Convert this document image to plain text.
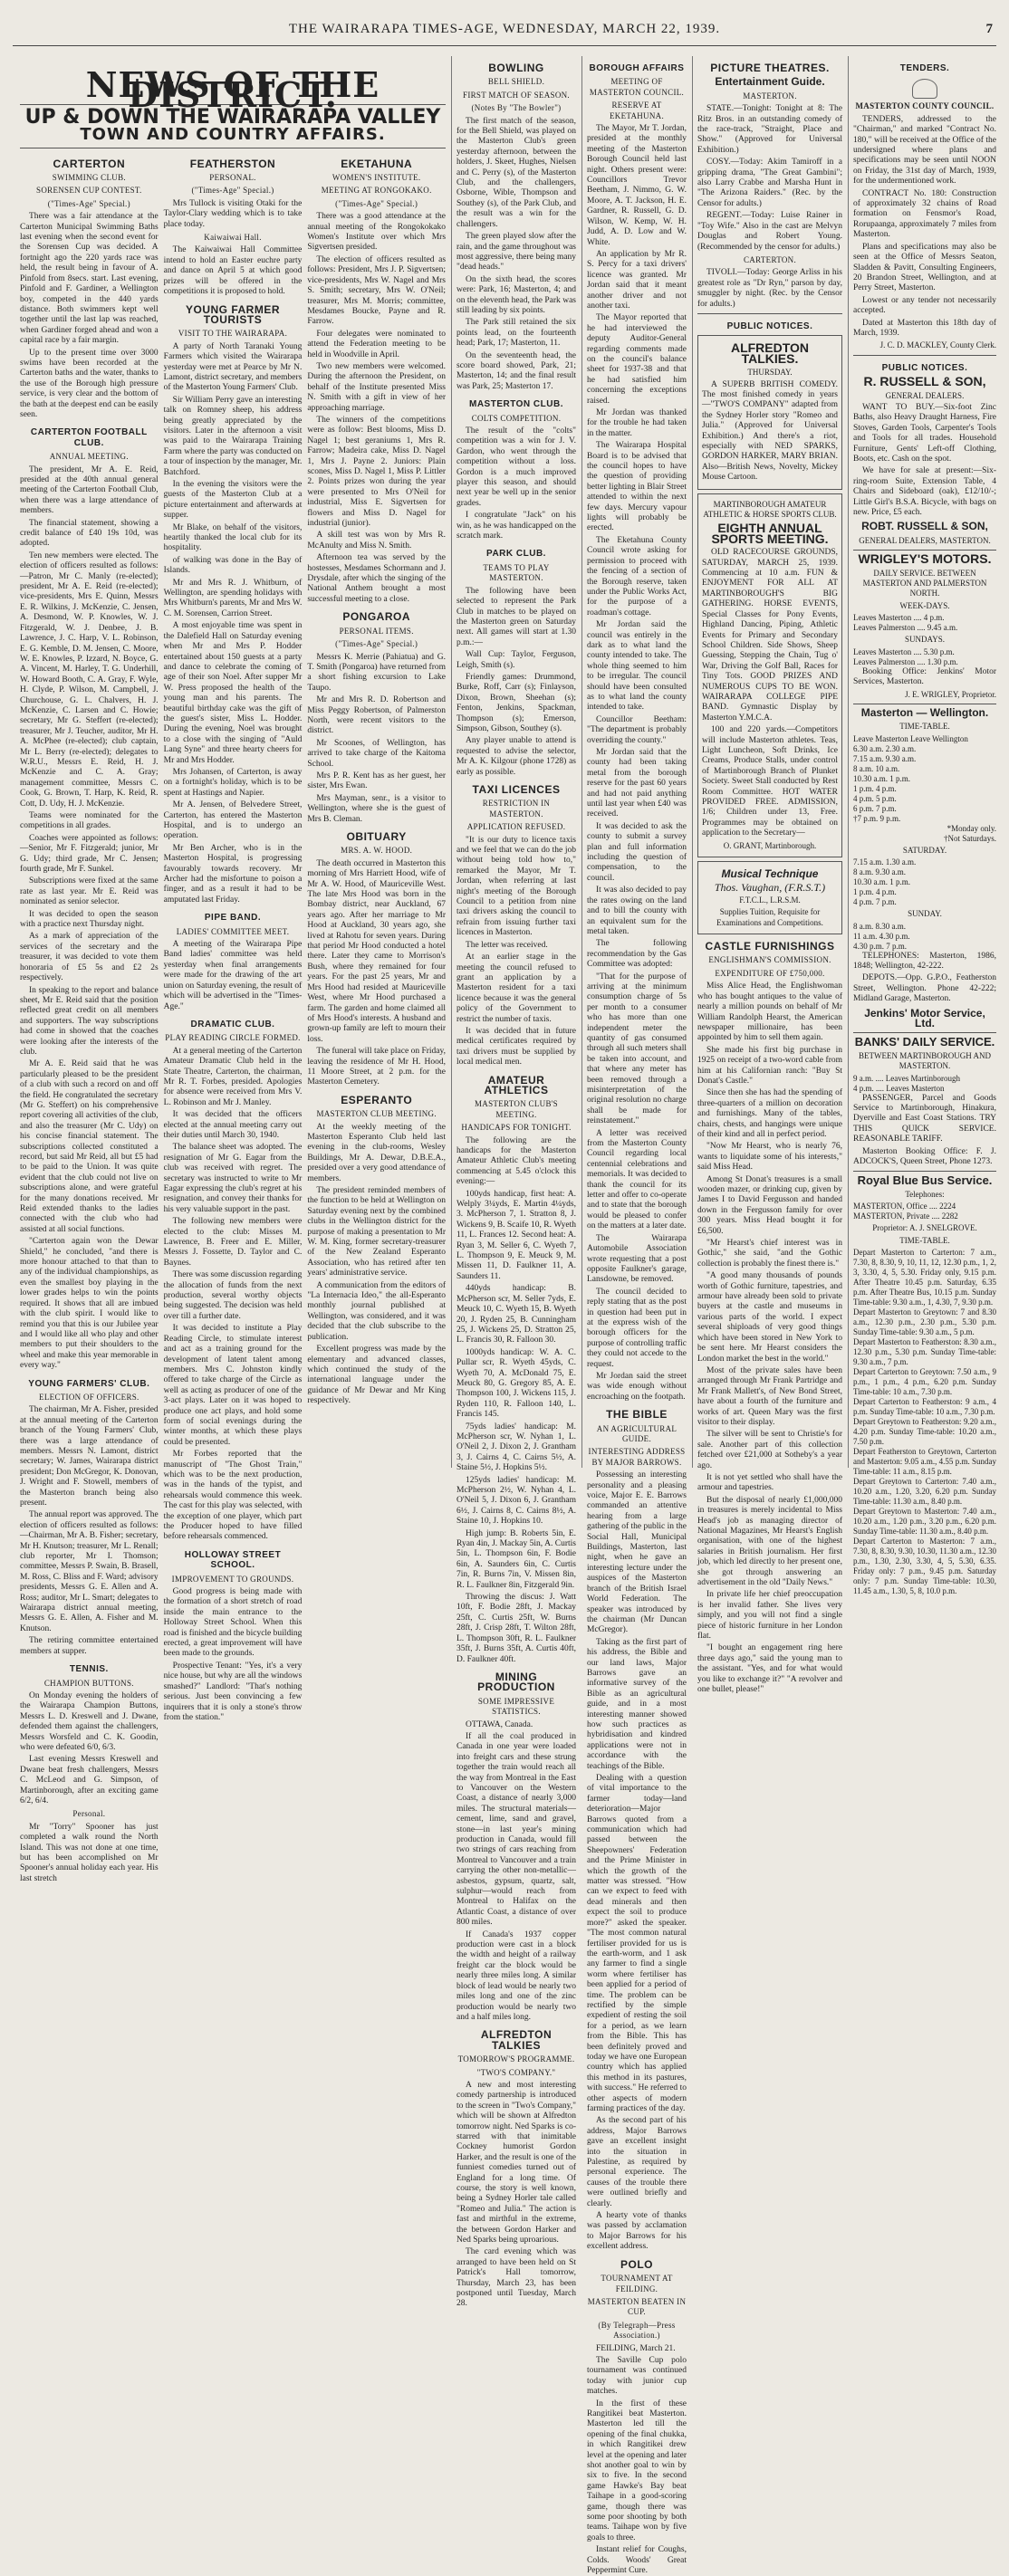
THE WAIRARAPA TIMES-AGE, WEDNESDAY, MARCH 22, 1939.	7
NEWS OF THE DISTRICT.
UP & DOWN THE WAIRARAPA VALLEY
TOWN AND COUNTRY AFFAIRS.
CARTERTON
SWIMMING CLUB.
SORENSEN CUP CONTEST.
("Times-Age" Special.)

There was a fair attendance at the Carterton Municipal Swimming Baths last evening when the second event for the Sorensen Cup was decided. A fortnight ago the 220 yards race was held, the result being in favour of A. Pinfold from 8secs. start. Last evening, Pinfold and F. Gardiner, a Wellington boy, competed in the 440 yards distance. Both swimmers kept well together until the last lap was reached, when Gardiner forged ahead and won a capital race by a fair margin.

Up to the present time over 3000 swims have been recorded at the Carterton baths and the water, thanks to the use of the Borough high pressure service, is very clear and the bottom of the bath at the deepest end can be easily seen.

CARTERTON FOOTBALL CLUB.
ANNUAL MEETING.

The president, Mr A. E. Reid, presided at the 40th annual general meeting of the Carterton Football Club, when there was a large attendance of members.

The financial statement, showing a credit balance of £40 19s 10d, was adopted.

Ten new members were elected. The election of officers resulted as follows:—Patron, Mr C. Manly (re-elected); president, Mr A. E. Reid (re-elected); vice-presidents, Mrs E. Quinn, Messrs E. R. Wilkins, J. McKenzie, C. Jensen, A. Desmond, W. P. Knowles, W. J. Fitzgerald, W. J. Denbee, J. B. Lawrence, J. C. Harp, V. L. Robinson, E. G. Kemble, D. M. Jensen, C. Moore, W. E. Knowles, P. Izzard, N. Boyce, G. A. Vincent, M. Harley, T. G. Underhill, W. Howard Booth, C. A. Gray, F. Wyle, H. Clyde, P. Wilson, M. Campbell, J. Churchouse, G. L. Chalvers, H. J. McKenzie, C. Larsen and C. Howie; secretary, Mr G. Steffert (re-elected); treasurer, Mr J. Teucher, auditor, Mr H. A. McPhee (re-elected); club captain, Mr L. Berry (re-elected); delegates to W.R.U., Messrs E. Reid, H. J. McKenzie and C. A. Gray; management committee, Messrs C. Cook, G. Brown, T. Harp, K. Reid, R. Cott, D. Udy, H. J. McKenzie.

Teams were nominated for the competitions in all grades.

Coaches were appointed as follows:—Senior, Mr F. Fitzgerald; junior, Mr G. Udy; third grade, Mr C. Jensen; fourth grade, Mr F. Sunkel.

Subscriptions were fixed at the same rate as last year. Mr E. Reid was nominated as senior selector.

It was decided to open the season with a practice next Thursday night.

As a mark of appreciation of the services of the secretary and the treasurer, it was decided to vote them honoraria of £5 5s and £2 2s respectively.

In speaking to the report and balance sheet, Mr E. Reid said that the position reflected great credit on all members and supporters. The way subscriptions had come in showed that the coaches were looking after the interests of the club.

Mr A. E. Reid said that he was particularly pleased to be the president of a club with such a record on and off the field. He congratulated the secretary (Mr G. Steffert) on his comprehensive report covering all activities of the club, and also the treasurer (Mr C. Udy) on his concise financial statement. The subscriptions collected constituted a record, but said Mr Reid, all but £5 had to be paid to the Union. It was quite evident that the club could not live on subscriptions alone, and were grateful for the many donations received. Mr Reid extended thanks to the ladies connected with the club who had assisted at all social functions.

"Carterton again won the Dewar Shield," he concluded, "and there is more honour attached to that than to any of the individual championships, as even the smallest boy playing in the lower grades helps to win the points required. It shows that all are imbued with the club spirit. I would like to remind you that this is our Jubilee year and I would like all who play and other members to put their shoulders to the wheel and make this year memorable in every way."

YOUNG FARMERS' CLUB.
ELECTION OF OFFICERS.

The chairman, Mr A. Fisher, presided at the annual meeting of the Carterton branch of the Young Farmers' Club, there was a large attendance of members. Messrs N. Lamont, district secretary; W. James, Wairarapa district president; Don McGregor, K. Donovan, J. Wright and F. Stowell, members of the Masterton branch being also present.

The annual report was approved. The election of officers resulted as follows:—Chairman, Mr A. B. Fisher; secretary, Mr H. Knutson; treasurer, Mr L. Renall; club reporter, Mr I. Thomson; committee, Messrs P. Swain, B. Brasell, M. Ross, C. Bliss and F. Ward; advisory presidents, Messrs G. E. Allen and A. Ross; auditor, Mr L. Smart; delegates to Wairarapa district annual meeting, Messrs G. E. Allen, A. Fisher and M. Knutson.

The retiring committee entertained members at supper.

TENNIS.
CHAMPION BUTTONS.

On Monday evening the holders of the Wairarapa Champion Buttons, Messrs L. D. Kreswell and J. Dwane, defended them against the challengers, Messrs Worsfeld and C. K. Goodin, who were defeated 6/0, 6/3.

Last evening Messrs Kreswell and Dwane beat fresh challengers, Messrs C. McLeod and G. Simpson, of Martinborough, after an exciting game 6/2, 6/4.

Personal.

Mr "Torry" Spooner has just completed a walk round the North Island. This was not done at one time, but has been accomplished on Mr Spooner's annual holiday each year. His last stretch

FEATHERSTON
PERSONAL.
("Times-Age" Special.)

Mrs Tullock is visiting Otaki for the Taylor-Clary wedding which is to take place today.

Kaiwaiwai Hall.

The Kaiwaiwai Hall Committee intend to hold an Easter euchre party and dance on April 5 at which good prizes will be offered in the competitions it is proposed to hold.

YOUNG FARMER TOURISTS
VISIT TO THE WAIRARAPA.

A party of North Taranaki Young Farmers which visited the Wairarapa yesterday were met at Pearce by Mr N. Lamont, district secretary, and members of the Masterton Young Farmers' Club.

Sir William Perry gave an interesting talk on Romney sheep, his address being greatly appreciated by the visitors. Later in the afternoon a visit was paid to the Wairarapa Training Farm where the party was conducted on a tour of inspection by the manager, Mr. Batchford.

In the evening the visitors were the guests of the Masterton Club at a picture entertainment and afterwards at supper.

Mr Blake, on behalf of the visitors, heartily thanked the local club for its hospitality.

of walking was done in the Bay of Islands.

Mr and Mrs R. J. Whitburn, of Wellington, are spending holidays with Mrs Whitburn's parents, Mr and Mrs W. C. M. Sorensen, Carrion Street.

A most enjoyable time was spent in the Dalefield Hall on Saturday evening when Mr and Mrs P. Hodder entertained about 150 guests at a party and dance to celebrate the coming of age of their son Noel. After supper Mr W. Press proposed the health of the young man and his parents. The beautiful birthday cake was the gift of the guest's sister, Miss L. Hodder. During the evening, Noel was brought to a close with the singing of "Auld Lang Syne" and three hearty cheers for Mr and Mrs Hodder.

Mrs Johansen, of Carterton, is away on a fortnight's holiday, which is to be spent at Hastings and Napier.

Mr A. Jensen, of Belvedere Street, Carterton, has entered the Masterton Hospital, and is to undergo an operation.

Mr Ben Archer, who is in the Masterton Hospital, is progressing favourably towards recovery. Mr Archer had the misfortune to poison a finger, and as a result it had to be amputated last Friday.

PIPE BAND.
LADIES' COMMITTEE MEET.

A meeting of the Wairarapa Pipe Band ladies' committee was held yesterday when final arrangements were made for the drawing of the art union on Saturday evening, the result of which will be advertised in the "Times-Age."

DRAMATIC CLUB.
PLAY READING CIRCLE FORMED.

At a general meeting of the Carterton Amateur Dramatic Club held in the State Theatre, Carterton, the chairman, Mr R. T. Forbes, presided. Apologies for absence were received from Mrs V. L. Robinson and Mr J. Manley.

It was decided that the officers elected at the annual meeting carry out their duties until March 30, 1940.

The balance sheet was adopted. The resignation of Mr G. Eagar from the club was received with regret. The secretary was instructed to write to Mr Eagar expressing the club's regret at his resignation, and convey their thanks for his very valuable support in the past.

The following new members were elected to the club: Misses M. Lawrence, B. Freer and E. Miller, Messrs J. Fossette, D. Taylor and C. Baynes.

There was some discussion regarding the allocation of funds from the next production, several worthy objects being suggested. The decision was held over till a further date.

It was decided to institute a Play Reading Circle, to stimulate interest and act as a training ground for the development of latent talent among members. Mrs C. Johnston kindly offered to take charge of the Circle as well as acting as producer of one of the 3-act plays. Later on it was hoped to produce one act plays, and hold some form of social evenings during the winter months, at which these plays could be presented.

Mr Forbes reported that the manuscript of "The Ghost Train," which was to be the next production, was in the hands of the typist, and rehearsals would commence this week. The cast for this play was selected, with the exception of one player, which part the Producer hoped to have filled before rehearsals commenced.

HOLLOWAY STREET SCHOOL.
IMPROVEMENT TO GROUNDS.

Good progress is being made with the formation of a short stretch of road inside the main entrance to the Holloway Street School. When this road is finished and the bicycle building erected, a great improvement will have been made to the grounds.

Prospective Tenant: "Yes, it's a very nice house, but why are all the windows smashed?" Landlord: "That's nothing serious. Just been convincing a few inquirers that it is only a stone's throw from the station."

EKETAHUNA
WOMEN'S INSTITUTE.
MEETING AT RONGOKAKO.
("Times-Age" Special.)

There was a good attendance at the annual meeting of the Rongokokako Women's Institute over which Mrs Sigvertsen presided.

The election of officers resulted as follows: President, Mrs J. P. Sigvertsen; vice-presidents, Mrs W. Nagel and Mrs S. Smith; secretary, Mrs W. O'Neil; treasurer, Mrs M. Morris; committee, Mesdames Boucke, Payne and R. Farrow.

Four delegates were nominated to attend the Federation meeting to be held in Woodville in April.

Two new members were welcomed. During the afternoon the President, on behalf of the Institute presented Miss N. Smith with a gift in view of her approaching marriage.

The winners of the competitions were as follow: Best blooms, Miss D. Nagel 1; best geraniums 1, Mrs R. Farrow; Madeira cake, Miss D. Nagel 1, Mrs J. Payne 2. Juniors: Plain scones, Miss D. Nagel 1, Miss P. Littler 2. Points prizes won during the year were presented to Mrs O'Neil for industrial, Miss E. Sigvertsen for flowers and Miss D. Nagel for industrial (junior).

A skill test was won by Mrs R. McAnulty and Miss N. Smith.

Afternoon tea was served by the hostesses, Mesdames Schormann and J. Drysdale, after which the singing of the National Anthem brought a most successful meeting to a close.

PONGAROA
PERSONAL ITEMS.
("Times-Age" Special.)

Messrs K. Merrie (Pahiatua) and G. T. Smith (Pongaroa) have returned from a short fishing excursion to Lake Taupo.

Mr and Mrs R. D. Robertson and Miss Peggy Robertson, of Palmerston North, were recent visitors to the district.

Mr Scoones, of Wellington, has arrived to take charge of the Kaitoma School.

Mrs P. R. Kent has as her guest, her sister, Mrs Ewan.

Mrs Mayman, senr., is a visitor to Wellington, where she is the guest of Mrs B. Cleman.

OBITUARY
MRS. A. W. HOOD.

The death occurred in Masterton this morning of Mrs Harriett Hood, wife of Mr A. W. Hood, of Mauriceville West. The late Mrs Hood was born in the Bombay district, near Auckland, 67 years ago. After her marriage to Mr Hood at Auckland, 30 years ago, she lived at Rahotu for seven years. During that period Mr Hood conducted a hotel there. Later they came to Morrison's Bush, where they remained for four years. For the past 25 years, Mr and Mrs Hood had resided at Mauriceville West, where Mr Hood purchased a farm. The garden and home claimed all of Mrs Hood's interests. A husband and grown-up family are left to mourn their loss.

The funeral will take place on Friday, leaving the residence of Mr H. Hood, 11 Moore Street, at 2 p.m. for the Masterton Cemetery.

ESPERANTO
MASTERTON CLUB MEETING.

At the weekly meeting of the Masterton Esperanto Club held last evening in the club-rooms, Wesley Buildings, Mr A. Dewar, D.B.E.A., presided over a very good attendance of members.

The president reminded members of the function to be held at Wellington on Saturday evening next by the combined clubs in the Wellington district for the purpose of making a presentation to Mr W. M. King, former secretary-treasurer of the New Zealand Esperanto Association, who has retired after ten years' administrative service.

A communication from the editors of "La Internacia Ideo," the all-Esperanto monthly journal published at Wellington, was considered, and it was decided that the club subscribe to the publication.

Excellent progress was made by the elementary and advanced classes, which continued the study of the international language under the guidance of Mr Dewar and Mr King respectively.

BOWLING
BELL SHIELD.
FIRST MATCH OF SEASON.
(Notes By "The Bowler")

The first match of the season, for the Bell Shield, was played on the Masterton Club's green yesterday afternoon, between the holders, J. Skeet, Hughes, Nielsen and C. Perry (s), of the Masterton Club, and the challengers, Osborne, Wible, Thompson and Southey (s), of the Park Club, and the result was a win for the challengers.

The green played slow after the rain, and the game throughout was most aggressive, there being many "dead heads."

On the sixth head, the scores were: Park, 16; Masterton, 4; and on the eleventh head, the Park was still leading by six points.

The Park still retained the six points lead, on the fourteenth head; Park, 17; Masterton, 11.

On the seventeenth head, the score board showed, Park, 21; Masterton, 14; and the final result was Park, 25; Masterton 17.

MASTERTON CLUB.
COLTS COMPETITION.

The result of the "colts" competition was a win for J. V. Gardon, who went through the competition without a loss. Gordon is a much improved player this season, and should next year be well up in the senior grades.

I congratulate "Jack" on his win, as he was handicapped on the scratch mark.

PARK CLUB.
TEAMS TO PLAY MASTERTON.

The following have been selected to represent the Park Club in matches to be played on the Masterton green on Saturday next. All games will start at 1.30 p.m.:—

Wall Cup: Taylor, Ferguson, Leigh, Smith (s).

Friendly games: Drummond, Burke, Roff, Carr (s); Finlayson, Dixon, Brown, Sheehan (s); Fenton, Jenkins, Spackman, Thompson (s); Emerson, Simpson, Gibson, Southey (s).

Any player unable to attend is requested to advise the selector, Mr A. K. Kilgour (phone 1728) as early as possible.

TAXI LICENCES
RESTRICTION IN MASTERTON.
APPLICATION REFUSED.

"It is our duty to licence taxis and we feel that we can do the job without being told how to," remarked the Mayor, Mr T. Jordan, when referring at last night's meeting of the Borough Council to a petition from nine taxi drivers asking the council to refrain from issuing further taxi licences in Masterton.

The letter was received.

At an earlier stage in the meeting the council refused to grant an application by a Masterton resident for a taxi licence because it was the general policy of the Government to restrict the number of taxis.

It was decided that in future medical certificates required by taxi drivers must be supplied by local medical men.

AMATEUR ATHLETICS
MASTERTON CLUB'S MEETING.
HANDICAPS FOR TONIGHT.

The following are the handicaps for the Masterton Amateur Athletic Club's meeting commencing at 5.45 o'clock this evening:—

100yds handicap, first heat: A. Welply 3¼yds, E. Martin 4¼yds, 3. McPherson 7, 1. Stratton 8, J. Wickens 9, B. Scaife 10, R. Wyeth 11, L. Frances 12. Second heat: A. Ryan 3, M. Seller 6, C. Wyeth 7, L. Thompson 9, E. Meuck 9, M. Missen 11, D. Faulkner 11, A. Saunders 11.

440yds handicap: B. McPherson scr, M. Seller 7yds, E. Meuck 10, C. Wyeth 15, B. Wyeth 20, J. Ryden 25, B. Cunningham 25, J. Wickens 25, D. Stratton 25, L. Francis 30, R. Falloon 30.

1000yds handicap: W. A. C. Pullar scr, R. Wyeth 45yds, C. Wyeth 70, A. McDonald 75, E. Meuck 80, G. Gregory 85, A. E. Thompson 100, J. Wickens 115, J. Ryden 110, R. Falloon 140, L. Francis 145.

75yds ladies' handicap: M. McPherson scr, W. Nyhan 1, L. O'Neil 2, J. Dixon 2, J. Grantham 3, J. Cairns 4, C. Cairns 5½, A. Staine 5½, J. Hopkins 5½.

125yds ladies' handicap: M. McPherson 2½, W. Nyhan 4, L. O'Neil 5, J. Dixon 6, J. Grantham 6½, J. Cairns 8, C. Cairns 8½, A. Staine 10, J. Hopkins 10.

High jump: B. Roberts 5in, E. Ryan 4in, J. Mackay 5in, A. Curtis 5in, L. Thompson 6in, F. Bodie 6in, A. Saunders 6in, C. Curtis 7in, R. Burns 7in, V. Missen 8in, R. L. Faulkner 8in, Fitzgerald 9in.

Throwing the discus: J. Watt 10ft, F. Bodie 28ft, J. Mackay 25ft, C. Curtis 25ft, W. Burns 28ft, J. Crisp 28ft, T. Wilton 28ft, L. Thompson 30ft, R. L. Faulkner 35ft, J. Burns 35ft, A. Curtis 40ft, D. Faulkner 40ft.

MINING PRODUCTION
SOME IMPRESSIVE STATISTICS.

OTTAWA, Canada.

If all the coal produced in Canada in one year were loaded into freight cars and these strung together the train would reach all the way from Montreal in the East to Vancouver on the Western Coast, a distance of nearly 3,000 miles. The structural materials—cement, lime, sand and gravel, stone—in last year's mining production in Canada, would fill two strings of cars reaching from Montreal to Vancouver and a train carrying the other non-metallic—asbestos, gypsum, quartz, salt, sulphur—would reach from Montreal to Halifax on the Atlantic Coast, a distance of over 800 miles.

If Canada's 1937 copper production were cast in a block the width and height of a railway freight car the block would be nearly three miles long. A similar block of lead would be nearly two miles long and one of the zinc production would be nearly two and a half miles long.

ALFREDTON TALKIES
TOMORROW'S PROGRAMME.
"TWO'S COMPANY."

A new and most interesting comedy partnership is introduced to the screen in "Two's Company," which will be shown at Alfredton tomorrow night. Ned Sparks is co-starred with that inimitable Cockney humorist Gordon Harker, and the result is one of the funniest comedies turned out of England for a long time. Of course, the story is well known, being a Sydney Horler tale called "Romeo and Julia." The action is fast and mirthful in the extreme, the between Gordon Harker and Ned Sparks being uproarious.

The card evening which was arranged to have been held on St Patrick's Hall tomorrow, Thursday, March 23, has been postponed until Tuesday, March 28.

BOROUGH AFFAIRS
MEETING OF MASTERTON COUNCIL.
RESERVE AT EKETAHUNA.

The Mayor, Mr T. Jordan, presided at the monthly meeting of the Masterton Borough Council held last night. Others present were: Councillors Trevor Beetham, J. Nimmo, G. W. Moore, A. T. Jackson, H. E. Gardner, R. Russell, G. D. Wilson, W. Kemp, W. H. Judd, A. D. Low and W. White.

An application by Mr R. S. Percy for a taxi drivers' licence was granted. Mr Jordan said that it meant another driver and not another taxi.

The Mayor reported that he had interviewed the deputy Auditor-General regarding comments made on the council's balance sheet for 1937-38 and that he had satisfied him concerning the exceptions raised.

Mr Jordan was thanked for the trouble he had taken in the matter.

The Wairarapa Hospital Board is to be advised that the council hopes to have the question of providing better lighting in Blair Street attended to within the next few days. Mercury vapour lights will probably be erected.

The Eketahuna County Council wrote asking for permission to proceed with the fencing of a section of the Borough reserve, taken under the Public Works Act, for the purpose of a roadman's cottage.

Mr Jordan said the council was entirely in the dark as to what land the county intended to take. The whole thing seemed to him to be irregular. The council should have been consulted as to what land the county intended to take.

Councillor Beetham: "The department is probably overriding the county."

Mr Jordan said that the county had been taking metal from the borough reserve for the past 60 years and had not paid anything until last year when £40 was received.

It was decided to ask the county to submit a survey plan and full information including the question of compensation, to the council.

It was also decided to pay the rates owing on the land and to bill the county with an equivalent sum for the metal taken.

The following recommendation by the Gas Committee was adopted:

"That for the purpose of arriving at the minimum consumption charge of 5s per month to a consumer who has more than one independent meter the quantity of gas consumed through all such meters shall be taken into account, and that where any meter has been removed through a misinterpretation of the original resolution no charge shall be made for reinstatement."

A letter was received from the Masterton County Council regarding local centennial celebrations and memorials. It was decided to thank the council for its letter and offer to co-operate and to state that the borough would be pleased to confer on the matters at a later date.

The Wairarapa Automobile Association wrote requesting that a post opposite Faulkner's garage, Lansdowne, be removed.

The council decided to reply stating that as the post in question had been put in at the express wish of the borough officers for the purpose of controlling traffic they could not accede to the request.

Mr Jordan said the street was wide enough without encroaching on the footpath.

THE BIBLE
AN AGRICULTURAL GUIDE.
INTERESTING ADDRESS BY MAJOR BARROWS.

Possessing an interesting personality and a pleasing voice, Major E. E. Barrows commanded an attentive hearing from a large gathering of the public in the Social Hall, Municipal Buildings, Masterton, last night, when he gave an interesting lecture under the auspices of the Masterton branch of the British Israel World Federation. The speaker was introduced by the chairman (Mr Duncan McGregor).

Taking as the first part of his address, the Bible and our land laws, Major Barrows gave an informative survey of the Bible as an agricultural guide, and in a most interesting manner showed how such practices as hybridisation and kindred applications were not in accordance with the teachings of the Bible.

Dealing with a question of vital importance to the farmer today—land deterioration—Major Barrows quoted from a communication which had passed between the Sheepowners' Federation and the Prime Minister in which the growth of the matter was stressed. "How can we expect to feed with dead minerals and then expect the soil to produce more?" asked the speaker. "The most common natural fertiliser provided for us is the earth-worm, and 1 ask any farmer to find a single worm where fertiliser has been applied for a period of time. The problem can be rectified by the simple expedient of resting the soil for a period, as we learn from the Bible. This has been definitely proved and today we have one European country which has applied this method in its pastures, with success." He referred to other aspects of modern farming practices of the day.

As the second part of his address, Major Barrows gave an excellent insight into the situation in Palestine, as required by personal experience. The causes of the trouble there were outlined briefly and clearly.

A hearty vote of thanks was passed by acclamation to Major Barrows for his excellent address.

POLO
TOURNAMENT AT FEILDING.
MASTERTON BEATEN IN CUP.
(By Telegraph—Press Association.)

FEILDING, March 21.

The Saville Cup polo tournament was continued today with junior cup matches.

In the first of these Rangitikei beat Masterton. Masterton led till the opening of the final chukka, in which Rangitikei drew level at the opening and later shot another goal to win by six to five. In the second game Hawke's Bay beat Taihape in a good-scoring game, though there was some poor shooting by both teams. Taihape won by five goals to three.

Instant relief for Coughs, Colds. Woods' Great Peppermint Cure.

PICTURE THEATRES.
Entertainment Guide.
MASTERTON.

STATE.—Tonight: Tonight at 8: The Ritz Bros. in an outstanding comedy of the race-track, "Straight, Place and Show." (Approved for Universal Exhibition.)

COSY.—Today: Akim Tamiroff in a gripping drama, "The Great Gambini"; also Larry Crabbe and Marsha Hunt in "The Arizona Raiders." (Rec. by the Censor for adults.)

REGENT.—Today: Luise Rainer in "Toy Wife." Also in the cast are Melvyn Douglas and Robert Young. (Recommended by the censor for adults.)

CARTERTON.

TIVOLI.—Today: George Arliss in his greatest role as "Dr Ryn," parson by day, smuggler by night. (Rec. by the Censor for adults.)

PUBLIC NOTICES.
ALFREDTON TALKIES.
THURSDAY.

A SUPERB BRITISH COMEDY. The most finished comedy in years—"TWO'S COMPANY" adapted from the Sydney Horler story "Romeo and Julia." (Approved for Universal Exhibition.) And there's a riot, especially with NED SPARKS, GORDON HARKER, MARY BRIAN. Also—British News, Novelty, Mickey Mouse Cartoon.

MARTINBOROUGH AMATEUR ATHLETIC & HORSE SPORTS CLUB.
EIGHTH ANNUAL SPORTS MEETING.

OLD RACECOURSE GROUNDS, SATURDAY, MARCH 25, 1939. Commencing at 10 a.m. FUN & ENJOYMENT FOR ALL AT MARTINBOROUGH'S BIG GATHERING. HORSE EVENTS, Special Classes for Pony Events, Highland Dancing, Piping, Athletic Events for Primary and Secondary School Children. Side Shows, Sheep Guessing, Stepping the Chain, Tug o' War, Driving the Golf Ball, Races for Tiny Tots. GOOD PRIZES AND NUMEROUS CUPS TO BE WON. WAIRARAPA COLLEGE PIPE BAND. Gymnastic Display by Masterton Y.M.C.A.

100 and 220 yards.—Competitors will include Masterton athletes. Teas, Light Luncheon, Soft Drinks, Ice Creams, Produce Stalls, under control of Martinborough Branch of Plunket Society. Sweet Stall conducted by Rest Room Committee. HOT WATER PROVIDED FREE. ADMISSION, 1/6; Children under 13, Free. Programmes may be obtained on application to the Secretary—

O. GRANT, Martinborough.
Musical Technique
Thos. Vaughan, (F.R.S.T.)
F.T.C.L., L.R.S.M.
Supplies Tuition, Requisite for Examinations and Competitions.
CASTLE FURNISHINGS
ENGLISHMAN'S COMMISSION.
EXPENDITURE OF £750,000.

Miss Alice Head, the Englishwoman who has bought antiques to the value of nearly a million pounds on behalf of Mr William Randolph Hearst, the American newspaper millionaire, has been appointed by him to sell them again.

She made his first big purchase in 1925 on receipt of a two-word cable from him at his Californian ranch: "Buy St Donat's Castle."

Since then she has had the spending of three-quarters of a million on decoration and furnishings. Many of the tables, chairs, chests, and hangings were unique of their kind and all in perfect period.

"Now Mr Hearst, who is nearly 76, wants to liquidate some of his interests," said Miss Head.

Among St Donat's treasures is a small wooden mazer, or drinking cup, given by James I to David Fergusson and handed down in the Fergusson family for over 300 years. Miss Head bought it for £6,500.

"Mr Hearst's chief interest was in Gothic," she said, "and the Gothic collection is probably the finest there is."

"A good many thousands of pounds worth of Gothic furniture, tapestries, and armour have already been sold to private buyers at the castle and museums in various parts of the world. I expect several shiploads of very good things which have been stored in New York to be sent here. Mr Hearst considers the London market the best in the world."

Most of the private sales have been arranged through Mr Frank Partridge and Mr Frank Mallett's, of New Bond Street, have about a fourth of the furniture and works of art. Queen Mary was the first visitor to their display.

The silver will be sent to Christie's for sale. Another part of this collection fetched over £21,000 at Sotheby's a year ago.

It is not yet settled who shall have the armour and tapestries.

But the disposal of nearly £1,000,000 in treasures is merely incidental to Miss Head's job as managing director of National Magazines, Mr Hearst's English organisation, with one of the highest salaries in British journalism. Her first job, which led directly to her present one, she got through answering an advertisement in the old "Daily News."

In private life her chief preoccupation is her invalid father. She lives very simply, and you will not find a single piece of historic furniture in her London flat.

"I bought an engagement ring here three days ago," said the young man to the assistant. "Yes, and for what would you like to exchange it?" "A revolver and one bullet, please!"

TENDERS.
MASTERTON COUNTY COUNCIL.

TENDERS, addressed to the "Chairman," and marked "Contract No. 180," will be received at the Office of the undersigned where plans and specifications may be seen until NOON on Friday, the 31st day of March, 1939, for the undermentioned work.

CONTRACT No. 180: Construction of approximately 32 chains of Road formation on Fensmor's Road, Rorupaanga, approximately 7 miles from Masterton.

Plans and specifications may also be seen at the Office of Messrs Seaton, Sladden & Pavitt, Consulting Engineers, 20 Brandon Street, Wellington, and at Perry Street, Masterton.

Lowest or any tender not necessarily accepted.

Dated at Masterton this 18th day of March, 1939.

J. C. D. MACKLEY, County Clerk.
PUBLIC NOTICES.
R. RUSSELL & SON,
GENERAL DEALERS.

WANT TO BUY.—Six-foot Zinc Baths, also Heavy Draught Harness, Fire Stoves, Garden Tools, Carpenter's Tools and Tools for all trades. Household Furniture, Gents' Left-off Clothing, Boots, etc. Cash on the spot.

We have for sale at present:—Six-ring-room Suite, Extension Table, 4 Chairs and Sideboard (oak), £12/10/-; Little Girl's B.S.A. Bicycle, with bags on new. Price, £5 each.

ROBT. RUSSELL & SON,
GENERAL DEALERS, MASTERTON.
WRIGLEY'S MOTORS.
DAILY SERVICE. BETWEEN MASTERTON AND PALMERSTON NORTH.
WEEK-DAYS.
Leaves Masterton .... 4 p.m.
Leaves Palmerston .... 9.45 a.m.
SUNDAYS.
Leaves Masterton .... 5.30 p.m.
Leaves Palmerston .... 1.30 p.m.

Booking Office: Jenkins' Motor Services, Masterton.

J. E. WRIGLEY, Proprietor.
Masterton — Wellington.
TIME-TABLE.
Leave Masterton Leave Wellington
6.30 a.m. 2.30 a.m.
7.15 a.m. 9.30 a.m.
8 a.m. 10 a.m.
10.30 a.m. 1 p.m.
1 p.m. 4 p.m.
4 p.m. 5 p.m.
6 p.m. 7 p.m.
†7 p.m. 9 p.m.
*Monday only.
†Not Saturdays.
SATURDAY.
7.15 a.m. 1.30 a.m.
8 a.m. 9.30 a.m.
10.30 a.m. 1 p.m.
1 p.m. 4 p.m.
4 p.m. 7 p.m.
SUNDAY.
8 a.m. 8.30 a.m.
11 a.m. 4.30 p.m.
4.30 p.m. 7 p.m.

TELEPHONES: Masterton, 1986, 1848; Wellington, 42-222.

DEPOTS.—Opp. G.P.O., Featherston Street, Wellington. Phone 42-222; Midland Garage, Masterton.

Jenkins' Motor Service, Ltd.
BANKS' DAILY SERVICE.
BETWEEN MARTINBOROUGH AND MASTERTON.
9 a.m. .... Leaves Martinborough
4 p.m. .... Leaves Masterton

PASSENGER, Parcel and Goods Service to Martinborough, Hinakura, Dyerville and East Coast Stations. TRY THIS QUICK SERVICE. REASONABLE TARIFF.

Masterton Booking Office: F. J. ADCOCK'S, Queen Street, Phone 1273.

Royal Blue Bus Service.
Telephones:
MASTERTON, Office .... 2224
MASTERTON, Private .... 2282
Proprietor: A. J. SNELGROVE.
TIME-TABLE.
Depart Masterton to Carterton: 7 a.m., 7.30, 8, 8.30, 9, 10, 11, 12, 12.30 p.m., 1, 2, 3, 3.30, 4, 5, 5.30. Friday only, 9.15 p.m. After Theatre 10.45 p.m. Saturday, 6.35 p.m. After Theatre Bus, 10.15 p.m. Sunday Time-table: 9.30 a.m., 1, 4.30, 7, 9.30 p.m.
Depart Masterton to Greytown: 7 and 8.30 a.m., 12.30 p.m., 2.30 p.m., 5.30 p.m. Sunday Time-table: 9.30 a.m., 5 p.m.
Depart Masterton to Featherston: 8.30 a.m., 12.30 p.m., 5.30 p.m. Sunday Time-table: 9.30 a.m., 7 p.m.
Depart Carterton to Greytown: 7.50 a.m., 9 p.m., 1 p.m., 4 p.m., 6.20 p.m. Sunday Time-table: 10 a.m., 7.30 p.m.
Depart Carterton to Featherston: 9 a.m., 4 p.m. Sunday Time-table: 10 a.m., 7.30 p.m.
Depart Greytown to Featherston: 9.20 a.m., 4.20 p.m. Sunday Time-table: 10.20 a.m., 7.50 p.m.
Depart Featherston to Greytown, Carterton and Masterton: 9.05 a.m., 4.55 p.m. Sunday Time-table: 11 a.m., 8.15 p.m.
Depart Greytown to Carterton: 7.40 a.m., 10.20 a.m., 1.20, 3.20, 6.20 p.m. Sunday Time-table: 11.30 a.m., 8.40 p.m.
Depart Greytown to Masterton: 7.40 a.m., 10.20 a.m., 1.20 p.m., 3.20 p.m., 6.20 p.m. Sunday Time-table: 11.30 a.m., 8.40 p.m.
Depart Carterton to Masterton: 7 a.m., 7.30, 8, 8.30, 9.30, 10.30, 11.30 a.m., 12.30 p.m., 1.30, 2.30, 3.30, 4, 5, 5.30, 6.35. Friday only: 7 p.m., 9.45 p.m. Saturday only: 7 p.m. Sunday Time-table: 10.30, 11.45 a.m., 1.30, 5, 8, 10.0 p.m.
